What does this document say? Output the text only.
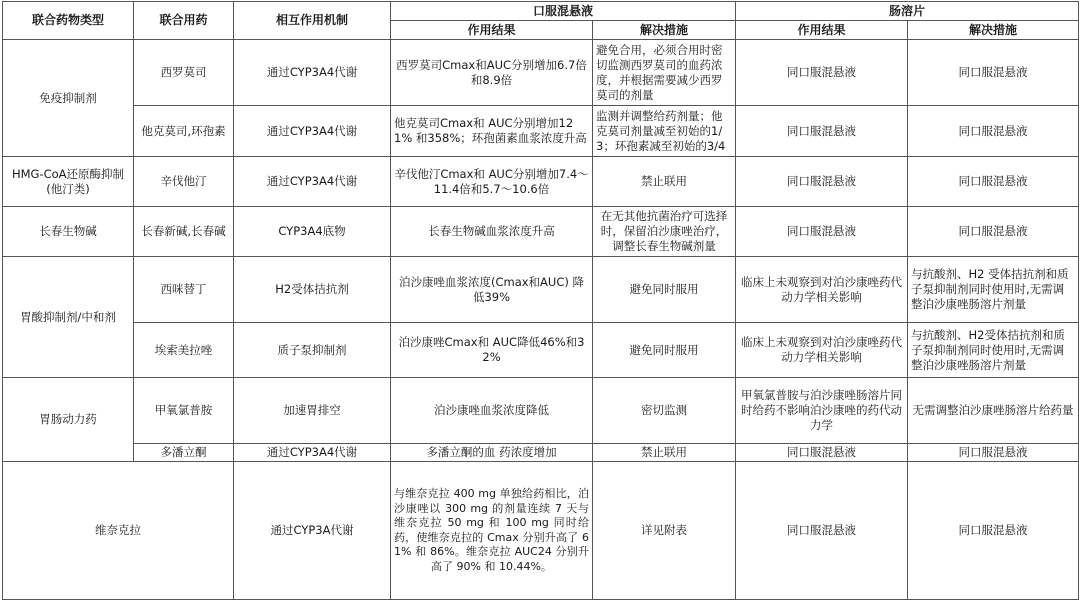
联合药物类型	联合用药	相互作用机制	口服混悬液		肠溶片	
			作用结果	解决措施	作用结果	解决措施
免疫抑制剂	西罗莫司	通过CYP3A4代谢	西罗莫司Cmax和AUC分别增加6.7倍和8.9倍	避免合用，必须合用时密切监测西罗莫司的血药浓度，并根据需要减少西罗莫司的剂量	同口服混悬液	同口服混悬液
	他克莫司,环孢素	通过CYP3A4代谢	他克莫司Cmax和 AUC分别增加121% 和358%；环孢菌素血浆浓度升高	监测并调整给药剂量；他克莫司剂量减至初始的1/3；环孢素减至初始的3/4	同口服混悬液	同口服混悬液
HMG-CoA还原酶抑制 (他汀类)	辛伐他汀	通过CYP3A4代谢	辛伐他汀Cmax和 AUC分别增加7.4～11.4倍和5.7～10.6倍	禁止联用	同口服混悬液	同口服混悬液
长春生物碱	长春新碱,长春碱	CYP3A4底物	长春生物碱血浆浓度升高	在无其他抗菌治疗可选择时，保留泊沙康唑治疗，调整长春生物碱剂量	同口服混悬液	同口服混悬液
胃酸抑制剂/中和剂	西咪替丁	H2受体拮抗剂	泊沙康唑血浆浓度(Cmax和AUC) 降低39%	避免同时服用	临床上未观察到对泊沙康唑药代动力学相关影响	与抗酸剂、H2 受体拮抗剂和质子泵抑制剂同时使用时,无需调整泊沙康唑肠溶片剂量
	埃索美拉唑	质子泵抑制剂	泊沙康唑Cmax和 AUC降低46%和32%	避免同时服用	临床上未观察到对泊沙康唑药代动力学相关影响	与抗酸剂、H2受体拮抗剂和质子泵抑制剂同时使用时,无需调整泊沙康唑肠溶片剂量
胃肠动力药	甲氧氯普胺	加速胃排空	泊沙康唑血浆浓度降低	密切监测	甲氧氯普胺与泊沙康唑肠溶片同时给药不影响泊沙康唑的药代动力学	无需调整泊沙康唑肠溶片给药量
	多潘立酮	通过CYP3A4代谢	多潘立酮的血 药浓度增加	禁止联用	同口服混悬液	同口服混悬液
维奈克拉		通过CYP3A代谢	与维奈克拉 400 mg 单独给药相比，泊沙康唑以 300 mg 的剂量连续 7 天与维奈克拉 50 mg 和 100 mg 同时给药，使维奈克拉的 Cmax 分别升高了 61% 和 86%。维奈克拉 AUC24 分别升高了 90% 和 10.44%。	详见附表	同口服混悬液	同口服混悬液
